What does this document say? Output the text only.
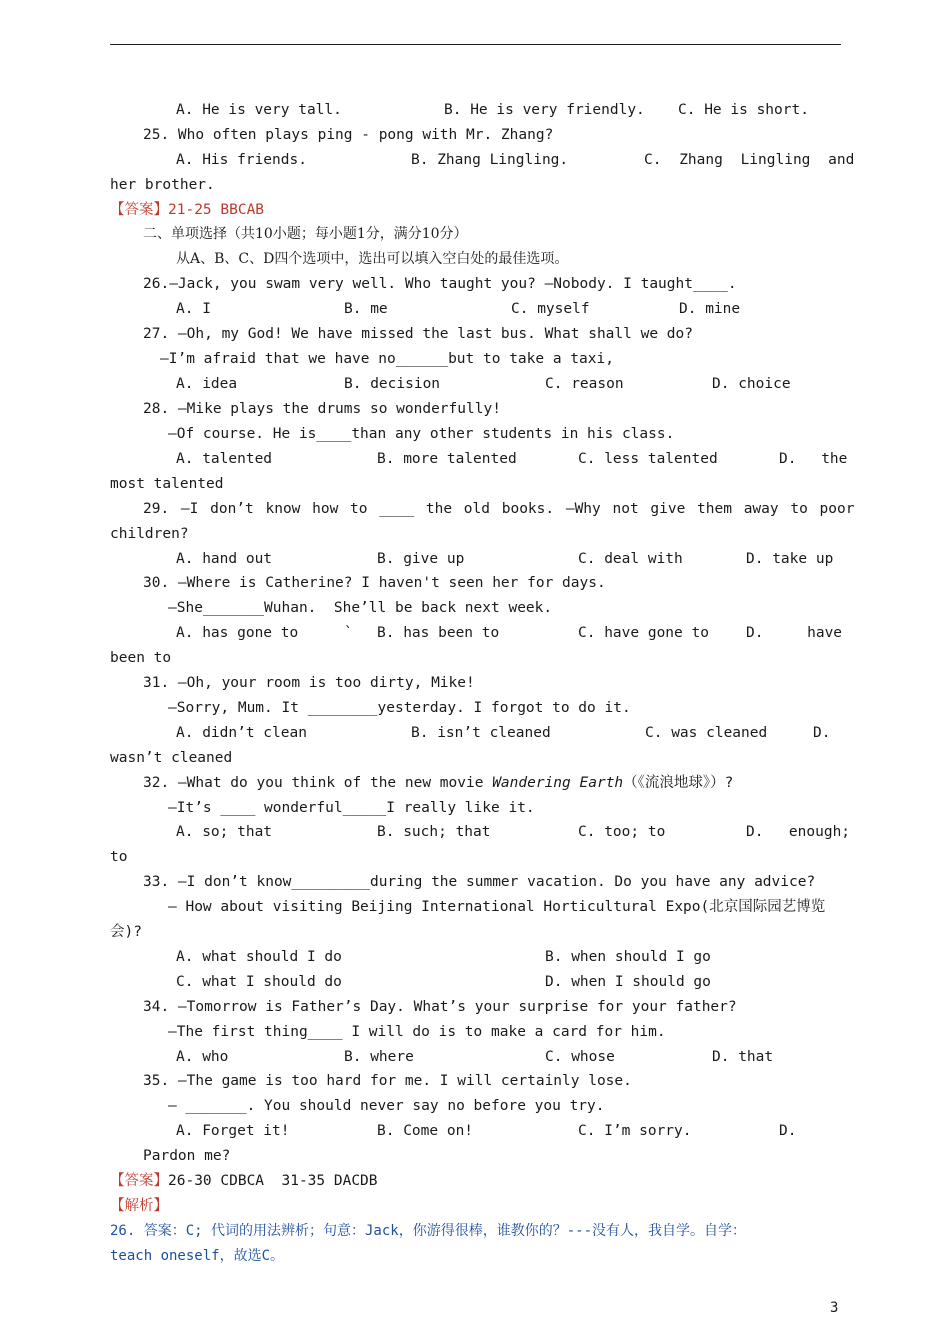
A. He is very tall.

	B. He is very friendly.

C. He is short.

25. Who often plays ping - pong with Mr. Zhang?

A. His friends.

	B. Zhang Lingling.

	C. Zhang Lingling and

her brother.
【答案】21-25 BBCAB
二、单项选择（共10小题；每小题1分，满分10分）
从A、B、C、D四个选项中，选出可以填入空白处的最佳选项。
26.—Jack, you swam very well. Who taught you? —Nobody. I taught____.

A. I

	B. me

	C. myself

	D. mine

27. —Oh, my God! We have missed the last bus. What shall we do?
—I’m afraid that we have no______but to take a taxi,

A. idea

	B. decision

	C. reason

	D. choice

28. —Mike plays the drums so wonderfully!
—Of course. He is____than any other students in his class.

A. talented

	B. more talented

	C. less talented

	D. the

most talented
29. —I don’t know how to ____ the old books. —Why not give them away to poor
children?

A. hand out

	B. give up

	C. deal with

	D. take up

30. —Where is Catherine? I haven't seen her for days.
—She_______Wuhan.  She’ll be back next week.

A. has gone to

	`

B. has been to

	C. have gone to

	D.     have

been to
31. —Oh, your room is too dirty, Mike!
—Sorry, Mum. It ________yesterday. I forgot to do it.

A. didn’t clean

	B. isn’t cleaned

	C. was cleaned

	D.

wasn’t cleaned
32. —What do you think of the new movie Wandering Earth（《流浪地球》）?
—It’s ____ wonderful_____I really like it.

A. so; that

	B. such; that

	C. too; to

	D.  enough;

to
33. —I don’t know_________during the summer vacation. Do you have any advice?
— How about visiting Beijing International Horticultural Expo(北京国际园艺博览
会)?

A. what should I do

	B. when should I go

C. what I should do

	D. when I should go

34. —Tomorrow is Father’s Day. What’s your surprise for your father?
—The first thing____ I will do is to make a card for him.

A. who

	B. where

	C. whose

	D. that

35. —The game is too hard for me. I will certainly lose.
— _______. You should never say no before you try.

A. Forget it!

	B. Come on!

	C. I’m sorry.

	D.

Pardon me?
【答案】26-30 CDBCA  31-35 DACDB
【解析】
26. 答案：C; 代词的用法辨析；句意：Jack，你游得很棒，谁教你的？---没有人，我自学。自学：
teach oneself，故选C。
3
